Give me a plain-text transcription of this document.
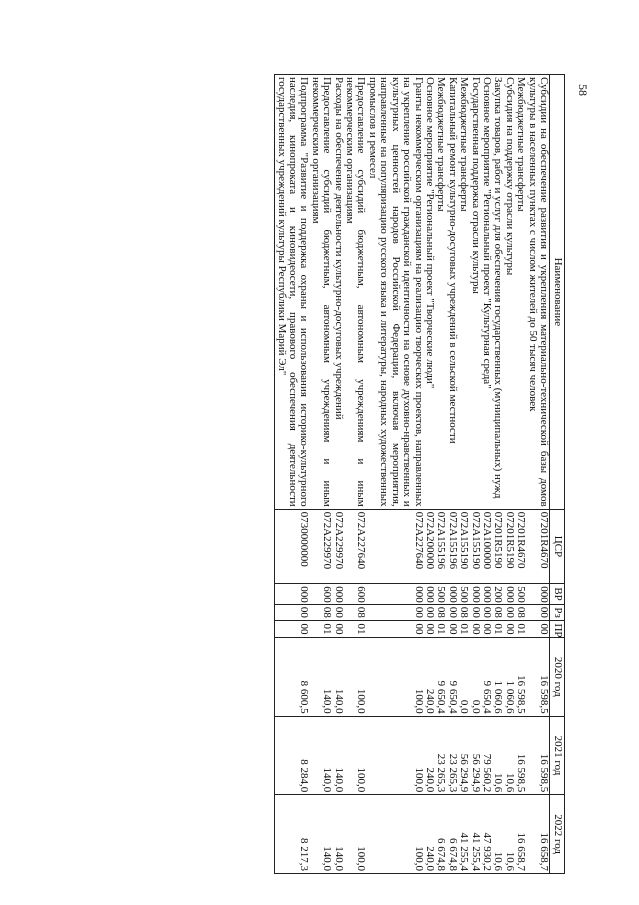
58
Наименование	ЦСР	ВР	Рз	ПР	2020 год	2021 год	2022 год
Субсидии на обеспечение развития и укрепления материально-технической базы домов культуры в населенных пунктах с числом жителей до 50 тысяч человек	07201R4670	000	00	00	16 598,5	16 598,5	16 658,7
Межбюджетные трансферты	07201R4670	500	08	01	16 598,5	16 598,5	16 658,7
Субсидия на поддержку отрасли культуры	07201R5190	000	00	00	1 060,6	10,6	10,6
Закупка товаров, работ и услуг для обеспечения государственных (муниципальных) нужд	07201R5190	200	08	01	1 060,6	10,6	10,6
Основное мероприятие "Региональный проект "Культурная среда"	072A100000	000	00	00	9 650,4	79 560,2	47 930,2
Государственная поддержка отрасли культуры	072A155190	000	00	00	0,0	56 294,9	41 255,4
Межбюджетные трансферты	072A155190	500	08	01	0,0	56 294,9	41 255,4
Капитальный ремонт культурно-досуговых учреждений в сельской местности	072A155196	000	00	00	9 650,4	23 265,3	6 674,8
Межбюджетные трансферты	072A155196	500	08	01	9 650,4	23 265,3	6 674,8
Основное мероприятие "Региональный проект "Творческие люди"	072A200000	000	00	00	240,0	240,0	240,0
Гранты некоммерческим организациям на реализацию творческих проектов, направленных на укрепление российской гражданской идентичности на основе духовно-нравственных и культурных ценностей народов Российской Федерации, включая мероприятия, направленные на популяризацию русского языка и литературы, народных художественных промыслов и ремесел	072A227640	000	00	00	100,0	100,0	100,0
Предоставление субсидий бюджетным, автономным учреждениям и иным некоммерческим организациям	072A227640	600	08	01	100,0	100,0	100,0
Расходы на обеспечение деятельности культурно-досуговых учреждений	072A229970	000	00	00	140,0	140,0	140,0
Предоставление субсидий бюджетным, автономным учреждениям и иным некоммерческим организациям	072A229970	600	08	01	140,0	140,0	140,0
Подпрограмма "Развитие и поддержка охраны и использования историко-культурного наследия, кинопроката и киновидеосети, правового обеспечения деятельности государственных учреждений культуры Республики Марий Эл"	0730000000	000	00	00	8 600,5	8 284,0	8 217,3
